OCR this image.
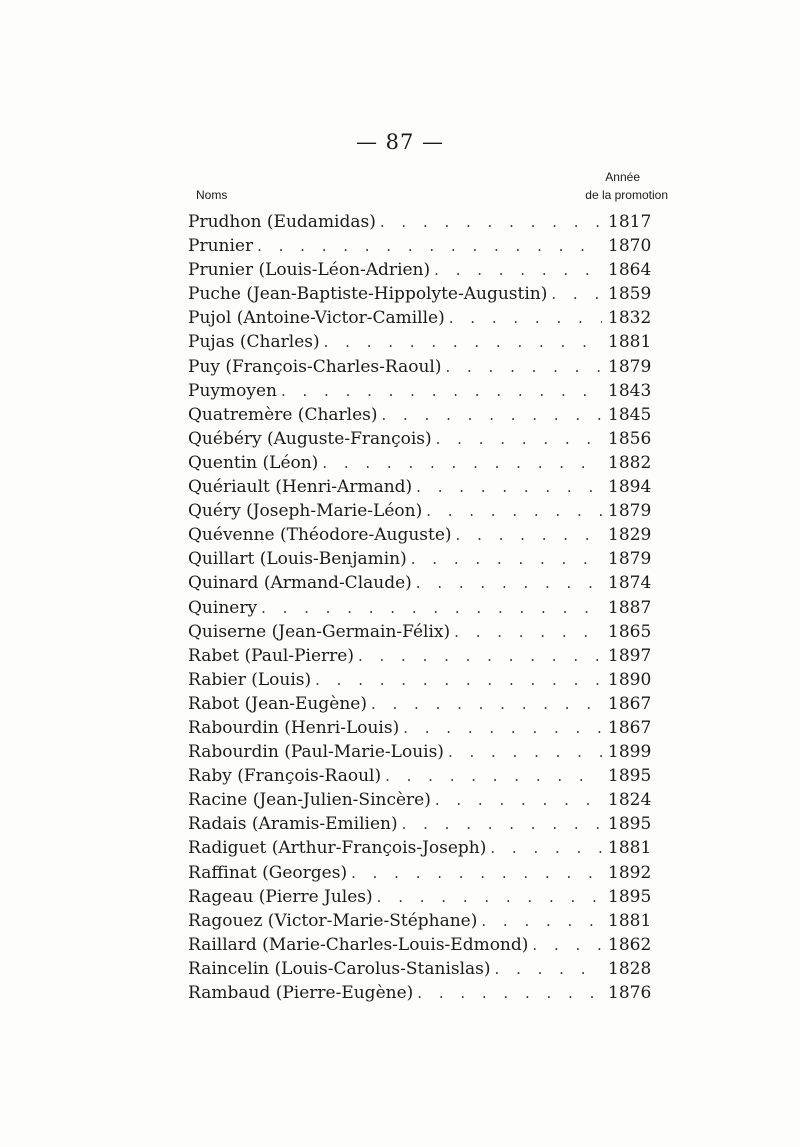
— 87 —
Noms
Année
de la promotion
Prudhon (Eudamidas) . . .	1817
Prunier . . .	1870
Prunier (Louis-Léon-Adrien) . . .	1864
Puche (Jean-Baptiste-Hippolyte-Augustin) . . .	1859
Pujol (Antoine-Victor-Camille) . . .	1832
Pujas (Charles) . . .	1881
Puy (François-Charles-Raoul) . . .	1879
Puymoyen . . .	1843
Quatremère (Charles) . . .	1845
Québéry (Auguste-François) . . .	1856
Quentin (Léon) . . .	1882
Quériault (Henri-Armand) . . .	1894
Quéry (Joseph-Marie-Léon) . . .	1879
Quévenne (Théodore-Auguste) . . .	1829
Quillart (Louis-Benjamin) . . .	1879
Quinard (Armand-Claude) . . .	1874
Quinery . . .	1887
Quiserne (Jean-Germain-Félix) . . .	1865
Rabet (Paul-Pierre) . . .	1897
Rabier (Louis) . . .	1890
Rabot (Jean-Eugène) . . .	1867
Rabourdin (Henri-Louis) . . .	1867
Rabourdin (Paul-Marie-Louis) . . .	1899
Raby (François-Raoul) . . .	1895
Racine (Jean-Julien-Sincère) . . .	1824
Radais (Aramis-Emilien) . . .	1895
Radiguet (Arthur-François-Joseph) . . .	1881
Raffinat (Georges) . . .	1892
Rageau (Pierre Jules) . . .	1895
Ragouez (Victor-Marie-Stéphane) . . .	1881
Raillard (Marie-Charles-Louis-Edmond) . . .	1862
Raincelin (Louis-Carolus-Stanislas) . . .	1828
Rambaud (Pierre-Eugène) . . .	1876
